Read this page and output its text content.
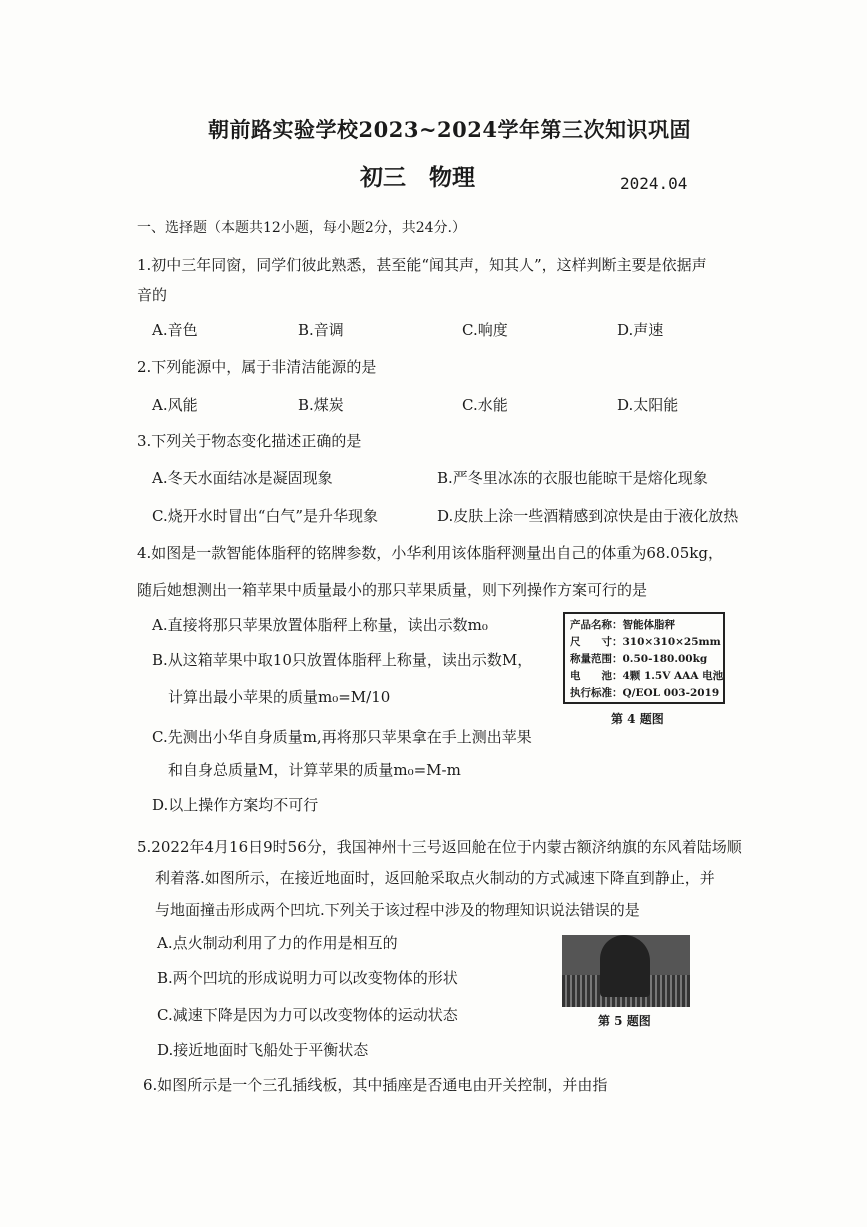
朝前路实验学校2023~2024学年第三次知识巩固
初三　物理	2024.04
一、选择题（本题共12小题，每小题2分，共24分.）
1.初中三年同窗，同学们彼此熟悉，甚至能“闻其声，知其人”，这样判断主要是依据声
音的
A.音色	B.音调	C.响度	D.声速
2.下列能源中，属于非清洁能源的是
A.风能	B.煤炭	C.水能	D.太阳能
3.下列关于物态变化描述正确的是
A.冬天水面结冰是凝固现象	B.严冬里冰冻的衣服也能晾干是熔化现象
C.烧开水时冒出“白气”是升华现象	D.皮肤上涂一些酒精感到凉快是由于液化放热
4.如图是一款智能体脂秤的铭牌参数，小华利用该体脂秤测量出自己的体重为68.05kg，
随后她想测出一箱苹果中质量最小的那只苹果质量，则下列操作方案可行的是
A.直接将那只苹果放置体脂秤上称量，读出示数m₀
B.从这箱苹果中取10只放置体脂秤上称量，读出示数M，
计算出最小苹果的质量m₀=M/10
C.先测出小华自身质量m,再将那只苹果拿在手上测出苹果
和自身总质量M，计算苹果的质量m₀=M-m
D.以上操作方案均不可行
产品名称：智能体脂秤
尺　　寸：310×310×25mm
称量范围：0.50-180.00kg
电　　池：4颗 1.5V AAA 电池
执行标准：Q/EOL 003-2019
第 4 题图
5.2022年4月16日9时56分，我国神州十三号返回舱在位于内蒙古额济纳旗的东风着陆场顺
利着落.如图所示，在接近地面时，返回舱采取点火制动的方式减速下降直到静止，并
与地面撞击形成两个凹坑.下列关于该过程中涉及的物理知识说法错误的是
A.点火制动利用了力的作用是相互的
B.两个凹坑的形成说明力可以改变物体的形状
C.减速下降是因为力可以改变物体的运动状态
D.接近地面时飞船处于平衡状态
第 5 题图
6.如图所示是一个三孔插线板，其中插座是否通电由开关控制，并由指
